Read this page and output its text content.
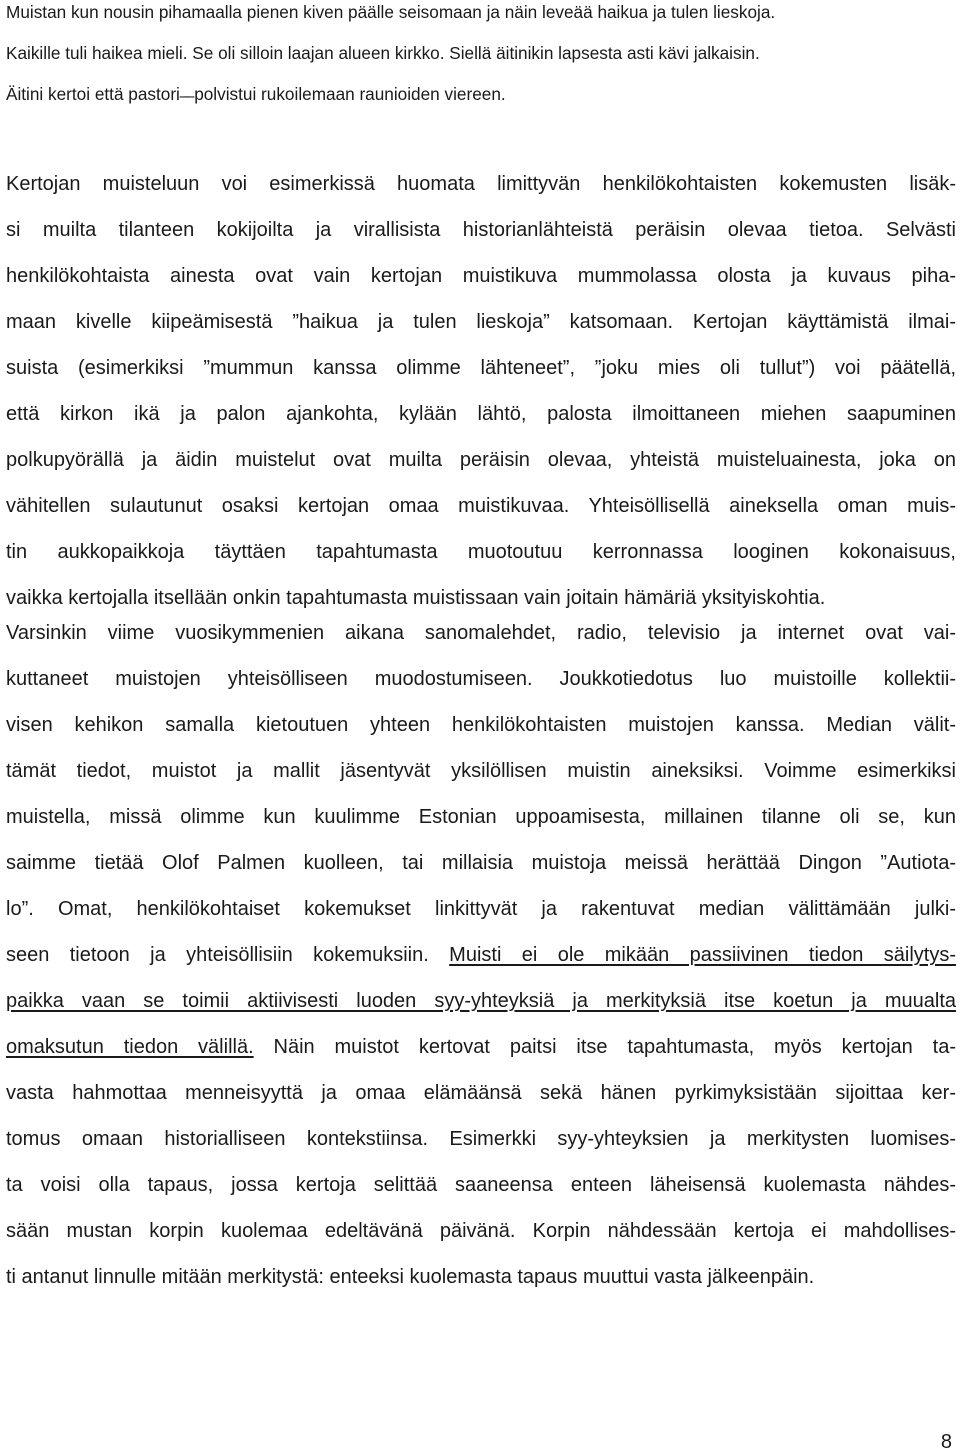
Muistan kun nousin pihamaalla pienen kiven päälle seisomaan ja näin leveää haikua ja tulen lieskoja.
Kaikille tuli haikea mieli. Se oli silloin laajan alueen kirkko. Siellä äitinikin lapsesta asti kävi jalkaisin.
Äitini kertoi että pastori ̶ ̶ polvistui rukoilemaan raunioiden viereen.
Kertojan muisteluun voi esimerkissä huomata limittyvän henkilökohtaisten kokemusten lisäk-
si muilta tilanteen kokijoilta ja virallisista historianlähteistä peräisin olevaa tietoa. Selvästi
henkilökohtaista ainesta ovat vain kertojan muistikuva mummolassa olosta ja kuvaus piha-
maan kivelle kiipeämisestä ”haikua ja tulen lieskoja” katsomaan. Kertojan käyttämistä ilmai-
suista (esimerkiksi ”mummun kanssa olimme lähteneet”, ”joku mies oli tullut”) voi päätellä,
että kirkon ikä ja palon ajankohta, kylään lähtö, palosta ilmoittaneen miehen saapuminen
polkupyörällä ja äidin muistelut ovat muilta peräisin olevaa, yhteistä muisteluainesta, joka on
vähitellen sulautunut osaksi kertojan omaa muistikuvaa. Yhteisöllisellä aineksella oman muis-
tin aukkopaikkoja täyttäen tapahtumasta muotoutuu kerronnassa looginen kokonaisuus,
vaikka kertojalla itsellään onkin tapahtumasta muistissaan vain joitain hämäriä yksityiskohtia.
Varsinkin viime vuosikymmenien aikana sanomalehdet, radio, televisio ja internet ovat vai-
kuttaneet muistojen yhteisölliseen muodostumiseen. Joukkotiedotus luo muistoille kollektii-
visen kehikon samalla kietoutuen yhteen henkilökohtaisten muistojen kanssa. Median välit-
tämät tiedot, muistot ja mallit jäsentyvät yksilöllisen muistin aineksiksi. Voimme esimerkiksi
muistella, missä olimme kun kuulimme Estonian uppoamisesta, millainen tilanne oli se, kun
saimme tietää Olof Palmen kuolleen, tai millaisia muistoja meissä herättää Dingon ”Autiota-
lo”. Omat, henkilökohtaiset kokemukset linkittyvät ja rakentuvat median välittämään julki-
seen tietoon ja yhteisöllisiin kokemuksiin. Muisti ei ole mikään passiivinen tiedon säilytys-
paikka vaan se toimii aktiivisesti luoden syy-yhteyksiä ja merkityksiä itse koetun ja muualta
omaksutun tiedon välillä. Näin muistot kertovat paitsi itse tapahtumasta, myös kertojan ta-
vasta hahmottaa menneisyyttä ja omaa elämäänsä sekä hänen pyrkimyksistään sijoittaa ker-
tomus omaan historialliseen kontekstiinsa. Esimerkki syy-yhteyksien ja merkitysten luomises-
ta voisi olla tapaus, jossa kertoja selittää saaneensa enteen läheisensä kuolemasta nähdes-
sään mustan korpin kuolemaa edeltävänä päivänä. Korpin nähdessään kertoja ei mahdollises-
ti antanut linnulle mitään merkitystä: enteeksi kuolemasta tapaus muuttui vasta jälkeenpäin.
8
